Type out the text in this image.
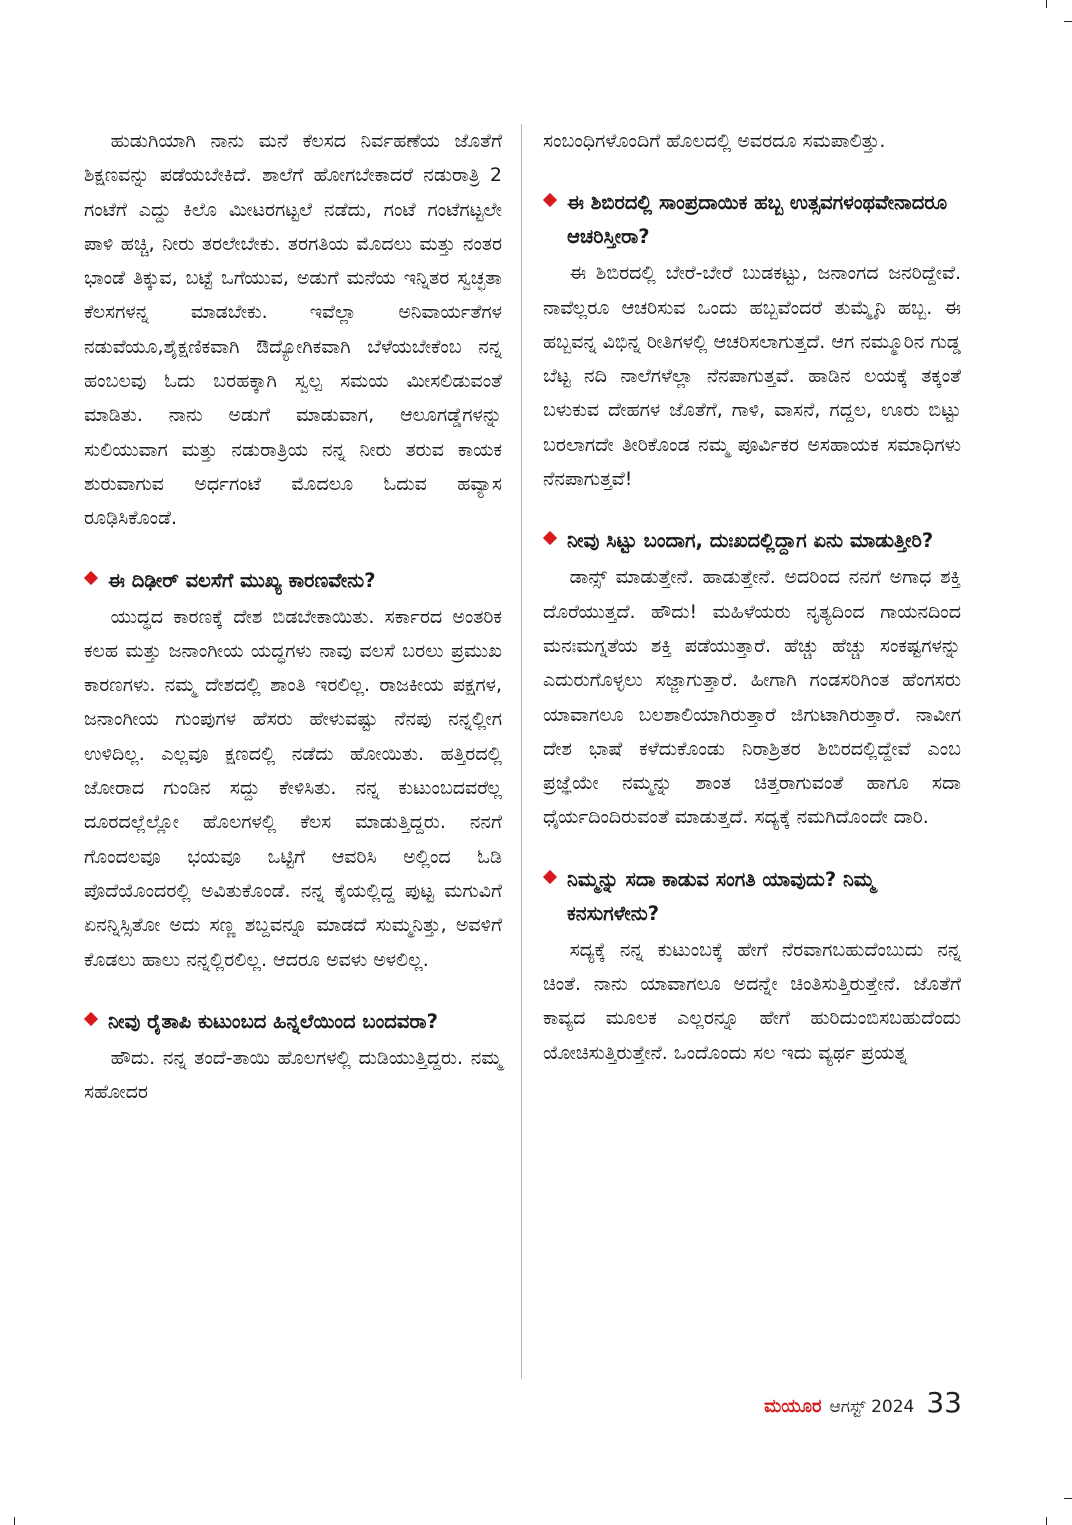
ಹುಡುಗಿಯಾಗಿ ನಾನು ಮನೆ ಕೆಲಸದ ನಿರ್ವಹಣೆಯ ಜೊತೆಗೆ ಶಿಕ್ಷಣವನ್ನು ಪಡೆಯಬೇಕಿದೆ. ಶಾಲೆಗೆ ಹೋಗಬೇಕಾದರೆ ನಡುರಾತ್ರಿ 2 ಗಂಟೆಗೆ ಎದ್ದು ಕಿಲೊ ಮೀಟರಗಟ್ಟಲೆ ನಡೆದು, ಗಂಟೆ ಗಂಟೆಗಟ್ಟಲೇ ಪಾಳಿ ಹಚ್ಚಿ, ನೀರು ತರಲೇಬೇಕು. ತರಗತಿಯ ಮೊದಲು ಮತ್ತು ನಂತರ ಭಾಂಡೆ ತಿಕ್ಕುವ, ಬಟ್ಟೆ ಒಗೆಯುವ, ಅಡುಗೆ ಮನೆಯ ಇನ್ನಿತರ ಸ್ವಚ್ಛತಾ ಕೆಲಸಗಳನ್ನ ಮಾಡಬೇಕು. ಇವೆಲ್ಲಾ ಅನಿವಾರ್ಯತೆಗಳ ನಡುವೆಯೂ,ಶೈಕ್ಷಣಿಕವಾಗಿ ಔದ್ಯೋಗಿಕವಾಗಿ ಬೆಳೆಯಬೇಕೆಂಬ ನನ್ನ ಹಂಬಲವು ಓದು ಬರಹಕ್ಕಾಗಿ ಸ್ವಲ್ಪ ಸಮಯ ಮೀಸಲಿಡುವಂತೆ ಮಾಡಿತು. ನಾನು ಅಡುಗೆ ಮಾಡುವಾಗ, ಆಲೂಗಡ್ಡೆಗಳನ್ನು ಸುಲಿಯುವಾಗ ಮತ್ತು ನಡುರಾತ್ರಿಯ ನನ್ನ ನೀರು ತರುವ ಕಾಯಕ ಶುರುವಾಗುವ ಅರ್ಧಗಂಟೆ ಮೊದಲೂ ಓದುವ ಹವ್ಯಾಸ ರೂಢಿಸಿಕೊಂಡೆ.

ಈ ದಿಢೀರ್ ವಲಸೆಗೆ ಮುಖ್ಯ ಕಾರಣವೇನು?

ಯುದ್ಧದ ಕಾರಣಕ್ಕೆ ದೇಶ ಬಿಡಬೇಕಾಯಿತು. ಸರ್ಕಾರದ ಅಂತರಿಕ ಕಲಹ ಮತ್ತು ಜನಾಂಗೀಯ ಯದ್ಧಗಳು ನಾವು ವಲಸೆ ಬರಲು ಪ್ರಮುಖ ಕಾರಣಗಳು. ನಮ್ಮ ದೇಶದಲ್ಲಿ ಶಾಂತಿ ಇರಲಿಲ್ಲ. ರಾಜಕೀಯ ಪಕ್ಷಗಳ, ಜನಾಂಗೀಯ ಗುಂಪುಗಳ ಹೆಸರು ಹೇಳುವಷ್ಟು ನೆನಪು ನನ್ನಲ್ಲೀಗ ಉಳಿದಿಲ್ಲ. ಎಲ್ಲವೂ ಕ್ಷಣದಲ್ಲಿ ನಡೆದು ಹೋಯಿತು. ಹತ್ತಿರದಲ್ಲಿ ಜೋರಾದ ಗುಂಡಿನ ಸದ್ದು ಕೇಳಿಸಿತು. ನನ್ನ ಕುಟುಂಬದವರೆಲ್ಲ ದೂರದಲ್ಲೆಲ್ಲೋ ಹೊಲಗಳಲ್ಲಿ ಕೆಲಸ ಮಾಡುತ್ತಿದ್ದರು. ನನಗೆ ಗೊಂದಲವೂ ಭಯವೂ ಒಟ್ಟಿಗೆ ಆವರಿಸಿ ಅಲ್ಲಿಂದ ಓಡಿ ಪೊದೆಯೊಂದರಲ್ಲಿ ಅವಿತುಕೊಂಡೆ. ನನ್ನ ಕೈಯಲ್ಲಿದ್ದ ಪುಟ್ಟ ಮಗುವಿಗೆ ಏನನ್ನಿಸ್ಸಿತೋ ಅದು ಸಣ್ಣ ಶಬ್ದವನ್ನೂ ಮಾಡದೆ ಸುಮ್ಮನಿತ್ತು, ಅವಳಿಗೆ ಕೊಡಲು ಹಾಲು ನನ್ನಲ್ಲಿರಲಿಲ್ಲ. ಆದರೂ ಅವಳು ಅಳಲಿಲ್ಲ.

ನೀವು ರೈತಾಪಿ ಕುಟುಂಬದ ಹಿನ್ನಲೆಯಿಂದ ಬಂದವರಾ?

ಹೌದು. ನನ್ನ ತಂದೆ-ತಾಯಿ ಹೊಲಗಳಲ್ಲಿ ದುಡಿಯುತ್ತಿದ್ದರು. ನಮ್ಮ ಸಹೋದರ

ಸಂಬಂಧಿಗಳೊಂದಿಗೆ ಹೊಲದಲ್ಲಿ ಅವರದೂ ಸಮಪಾಲಿತ್ತು.

ಈ ಶಿಬಿರದಲ್ಲಿ ಸಾಂಪ್ರದಾಯಿಕ ಹಬ್ಬ ಉತ್ಸವಗಳಂಥವೇನಾದರೂ ಆಚರಿಸ್ತೀರಾ?

ಈ ಶಿಬಿರದಲ್ಲಿ ಬೇರೆ-ಬೇರೆ ಬುಡಕಟ್ಟು, ಜನಾಂಗದ ಜನರಿದ್ದೇವೆ. ನಾವೆಲ್ಲರೂ ಆಚರಿಸುವ ಒಂದು ಹಬ್ಬವೆಂದರೆ ತುಮ್ಮೈನಿ ಹಬ್ಬ. ಈ ಹಬ್ಬವನ್ನ ವಿಭಿನ್ನ ರೀತಿಗಳಲ್ಲಿ ಆಚರಿಸಲಾಗುತ್ತದೆ. ಆಗ ನಮ್ಮೂರಿನ ಗುಡ್ಡ ಬೆಟ್ಟ ನದಿ ನಾಲೆಗಳೆಲ್ಲಾ ನೆನಪಾಗುತ್ತವೆ. ಹಾಡಿನ ಲಯಕ್ಕೆ ತಕ್ಕಂತೆ ಬಳುಕುವ ದೇಹಗಳ ಜೊತೆಗೆ, ಗಾಳಿ, ವಾಸನೆ, ಗದ್ದಲ, ಊರು ಬಿಟ್ಟು ಬರಲಾಗದೇ ತೀರಿಕೊಂಡ ನಮ್ಮ ಪೂರ್ವಿಕರ ಅಸಹಾಯಕ ಸಮಾಧಿಗಳು ನೆನಪಾಗುತ್ತವೆ!

ನೀವು ಸಿಟ್ಟು ಬಂದಾಗ, ದುಃಖದಲ್ಲಿದ್ದಾಗ ಏನು ಮಾಡುತ್ತೀರಿ?

ಡಾನ್ಸ್ ಮಾಡುತ್ತೇನೆ. ಹಾಡುತ್ತೇನೆ. ಅದರಿಂದ ನನಗೆ ಅಗಾಧ ಶಕ್ತಿ ದೊರೆಯುತ್ತದೆ. ಹೌದು! ಮಹಿಳೆಯರು ನೃತ್ಯದಿಂದ ಗಾಯನದಿಂದ ಮನಃಮಗ್ನತೆಯ ಶಕ್ತಿ ಪಡೆಯುತ್ತಾರೆ. ಹೆಚ್ಚು ಹೆಚ್ಚು ಸಂಕಷ್ಟಗಳನ್ನು ಎದುರುಗೊಳ್ಳಲು ಸಜ್ಜಾಗುತ್ತಾರೆ. ಹೀಗಾಗಿ ಗಂಡಸರಿಗಿಂತ ಹೆಂಗಸರು ಯಾವಾಗಲೂ ಬಲಶಾಲಿಯಾಗಿರುತ್ತಾರೆ ಜಿಗುಟಾಗಿರುತ್ತಾರೆ. ನಾವೀಗ ದೇಶ ಭಾಷೆ ಕಳೆದುಕೊಂಡು ನಿರಾಶ್ರಿತರ ಶಿಬಿರದಲ್ಲಿದ್ದೇವೆ ಎಂಬ ಪ್ರಜ್ಞೆಯೇ ನಮ್ಮನ್ನು ಶಾಂತ ಚಿತ್ತರಾಗುವಂತೆ ಹಾಗೂ ಸದಾ ಧೈರ್ಯದಿಂದಿರುವಂತೆ ಮಾಡುತ್ತದೆ. ಸದ್ಯಕ್ಕೆ ನಮಗಿದೊಂದೇ ದಾರಿ.

ನಿಮ್ಮನ್ನು ಸದಾ ಕಾಡುವ ಸಂಗತಿ ಯಾವುದು? ನಿಮ್ಮ ಕನಸುಗಳೇನು?

ಸದ್ಯಕ್ಕೆ ನನ್ನ ಕುಟುಂಬಕ್ಕೆ ಹೇಗೆ ನೆರವಾಗಬಹುದೆಂಬುದು ನನ್ನ ಚಿಂತೆ. ನಾನು ಯಾವಾಗಲೂ ಅದನ್ನೇ ಚಿಂತಿಸುತ್ತಿರುತ್ತೇನೆ. ಜೊತೆಗೆ ಕಾವ್ಯದ ಮೂಲಕ ಎಲ್ಲರನ್ನೂ ಹೇಗೆ ಹುರಿದುಂಬಿಸಬಹುದೆಂದು ಯೋಚಿಸುತ್ತಿರುತ್ತೇನೆ. ಒಂದೊಂದು ಸಲ ಇದು ವ್ಯರ್ಥ ಪ್ರಯತ್ನ

ಮಯೂರ ಆಗಸ್ಟ್ 2024 33
